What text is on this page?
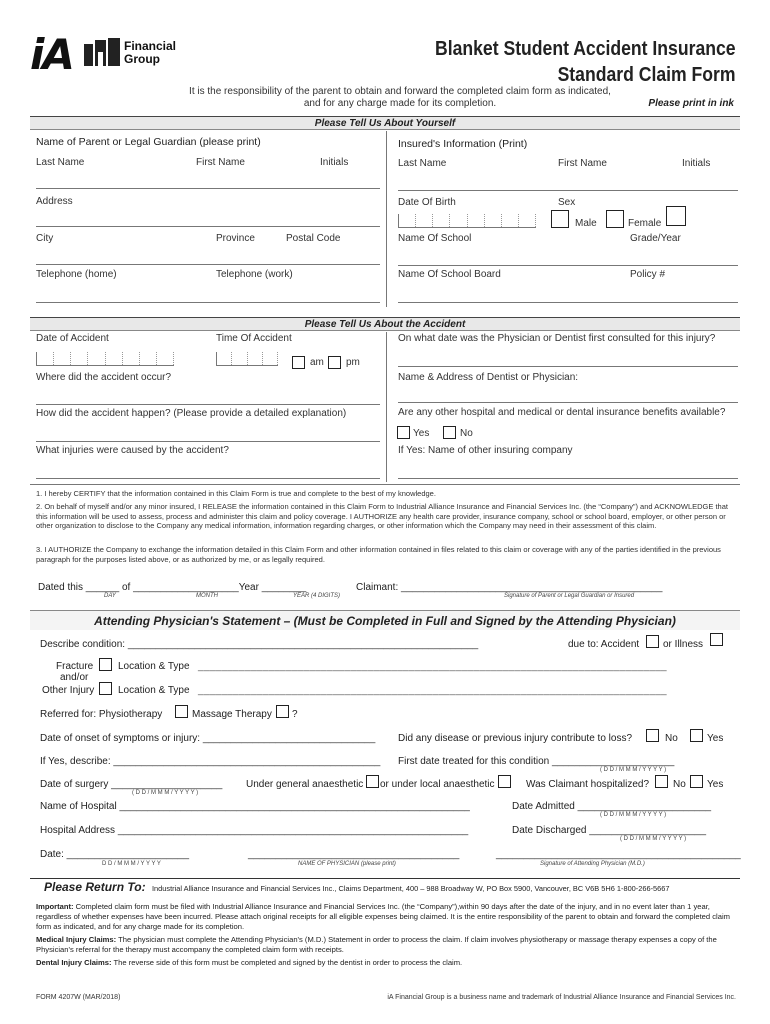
iA	Financial
Group	Blanket Student Accident Insurance
Standard Claim Form
It is the responsibility of the parent to obtain and forward the completed claim form as indicated,
and for any charge made for its completion.	Please print in ink
Please Tell Us About Yourself
Name of Parent or Legal Guardian (please print)
Last Name	First Name	Initials
Address
City	Province	Postal Code
Telephone (home)	Telephone (work)
Insured's Information (Print)
Last Name	First Name	Initials
Date Of Birth	Sex
Male	Female
Name Of School	Grade/Year
Name Of School Board	Policy #
Please Tell Us About the Accident
Date of Accident	Time Of Accident
am pm
Where did the accident occur?
How did the accident happen? (Please provide a detailed explanation)
What injuries were caused by the accident?
On what date was the Physician or Dentist first consulted for this injury?
Name & Address of Dentist or Physician:
Are any other hospital and medical or dental insurance benefits available?
Yes	No
If Yes: Name of other insuring company
1. I hereby CERTIFY that the information contained in this Claim Form is true and complete to the best of my knowledge.
2. On behalf of myself and/or any minor insured, I RELEASE the information contained in this Claim Form to Industrial Alliance Insurance and Financial Services Inc. (the “Company”) and ACKNOWLEDGE that this information will be used to assess, process and administer this claim and policy coverage. I AUTHORIZE any health care provider, insurance company, school or school board, employer, or other person or other organization to disclose to the Company any medical information, information regarding charges, or other information which the Company may need in their assessment of this claim.
3. I AUTHORIZE the Company to exchange the information detailed in this Claim Form and other information contained in files related to this claim or coverage with any of the parties identified in the previous paragraph for the purposes listed above, or as authorized by me, or as legally required.
Dated this ______ of ___________________Year ________	Claimant: _______________________________________________
DAY	MONTH	YEAR (4 DIGITS)	Signature of Parent or Legal Guardian or Insured
Attending Physician's Statement – (Must be Completed in Full and Signed by the Attending Physician)
Describe condition: _______________________________________________________________	due to: Accident or Illness
Fracture Location & Type ________________________________________________________________________________
and/or
Other Injury Location & Type ________________________________________________________________________________
Referred for: Physiotherapy	Massage Therapy ?
Date of onset of symptoms or injury: _______________________________ Did any disease or previous injury contribute to loss?	No	Yes
If Yes, describe: ________________________________________________ First date treated for this condition ______________________
( D D / M M M / Y Y Y Y )
Date of surgery ____________________ Under general anaesthetic or under local anaesthetic	Was Claimant hospitalized? No Yes
( D D / M M M / Y Y Y Y )
Name of Hospital _______________________________________________________________	Date Admitted ________________________
( D D / M M M / Y Y Y Y )
Hospital Address _______________________________________________________________	Date Discharged _____________________
( D D / M M M / Y Y Y Y )
Date: ______________________	______________________________________	____________________________________________
D D / M M M / Y Y Y Y	NAME OF PHYSICIAN (please print)	Signature of Attending Physician (M.D.)
Please Return To: Industrial Alliance Insurance and Financial Services Inc., Claims Department, 400 – 988 Broadway W, PO Box 5900, Vancouver, BC V6B 5H6 1-800-266-5667

Important: Completed claim form must be filed with Industrial Alliance Insurance and Financial Services Inc. (the “Company”),within 90 days after the date of the injury, and in no event later than 1 year, regardless of whether expenses have been incurred. Please attach original receipts for all eligible expenses being claimed. It is the entire responsibility of the parent to obtain and forward the completed claim form as indicated, and for any charge made for its completion.

Medical Injury Claims: The physician must complete the Attending Physician's (M.D.) Statement in order to process the claim. If claim involves physiotherapy or massage therapy expenses a copy of the Physician's referral for the therapy must accompany the completed claim form with receipts.

Dental Injury Claims: The reverse side of this form must be completed and signed by the dentist in order to process the claim.

FORM 4207W (MAR/2018)	iA Financial Group is a business name and trademark of Industrial Alliance Insurance and Financial Services Inc.
